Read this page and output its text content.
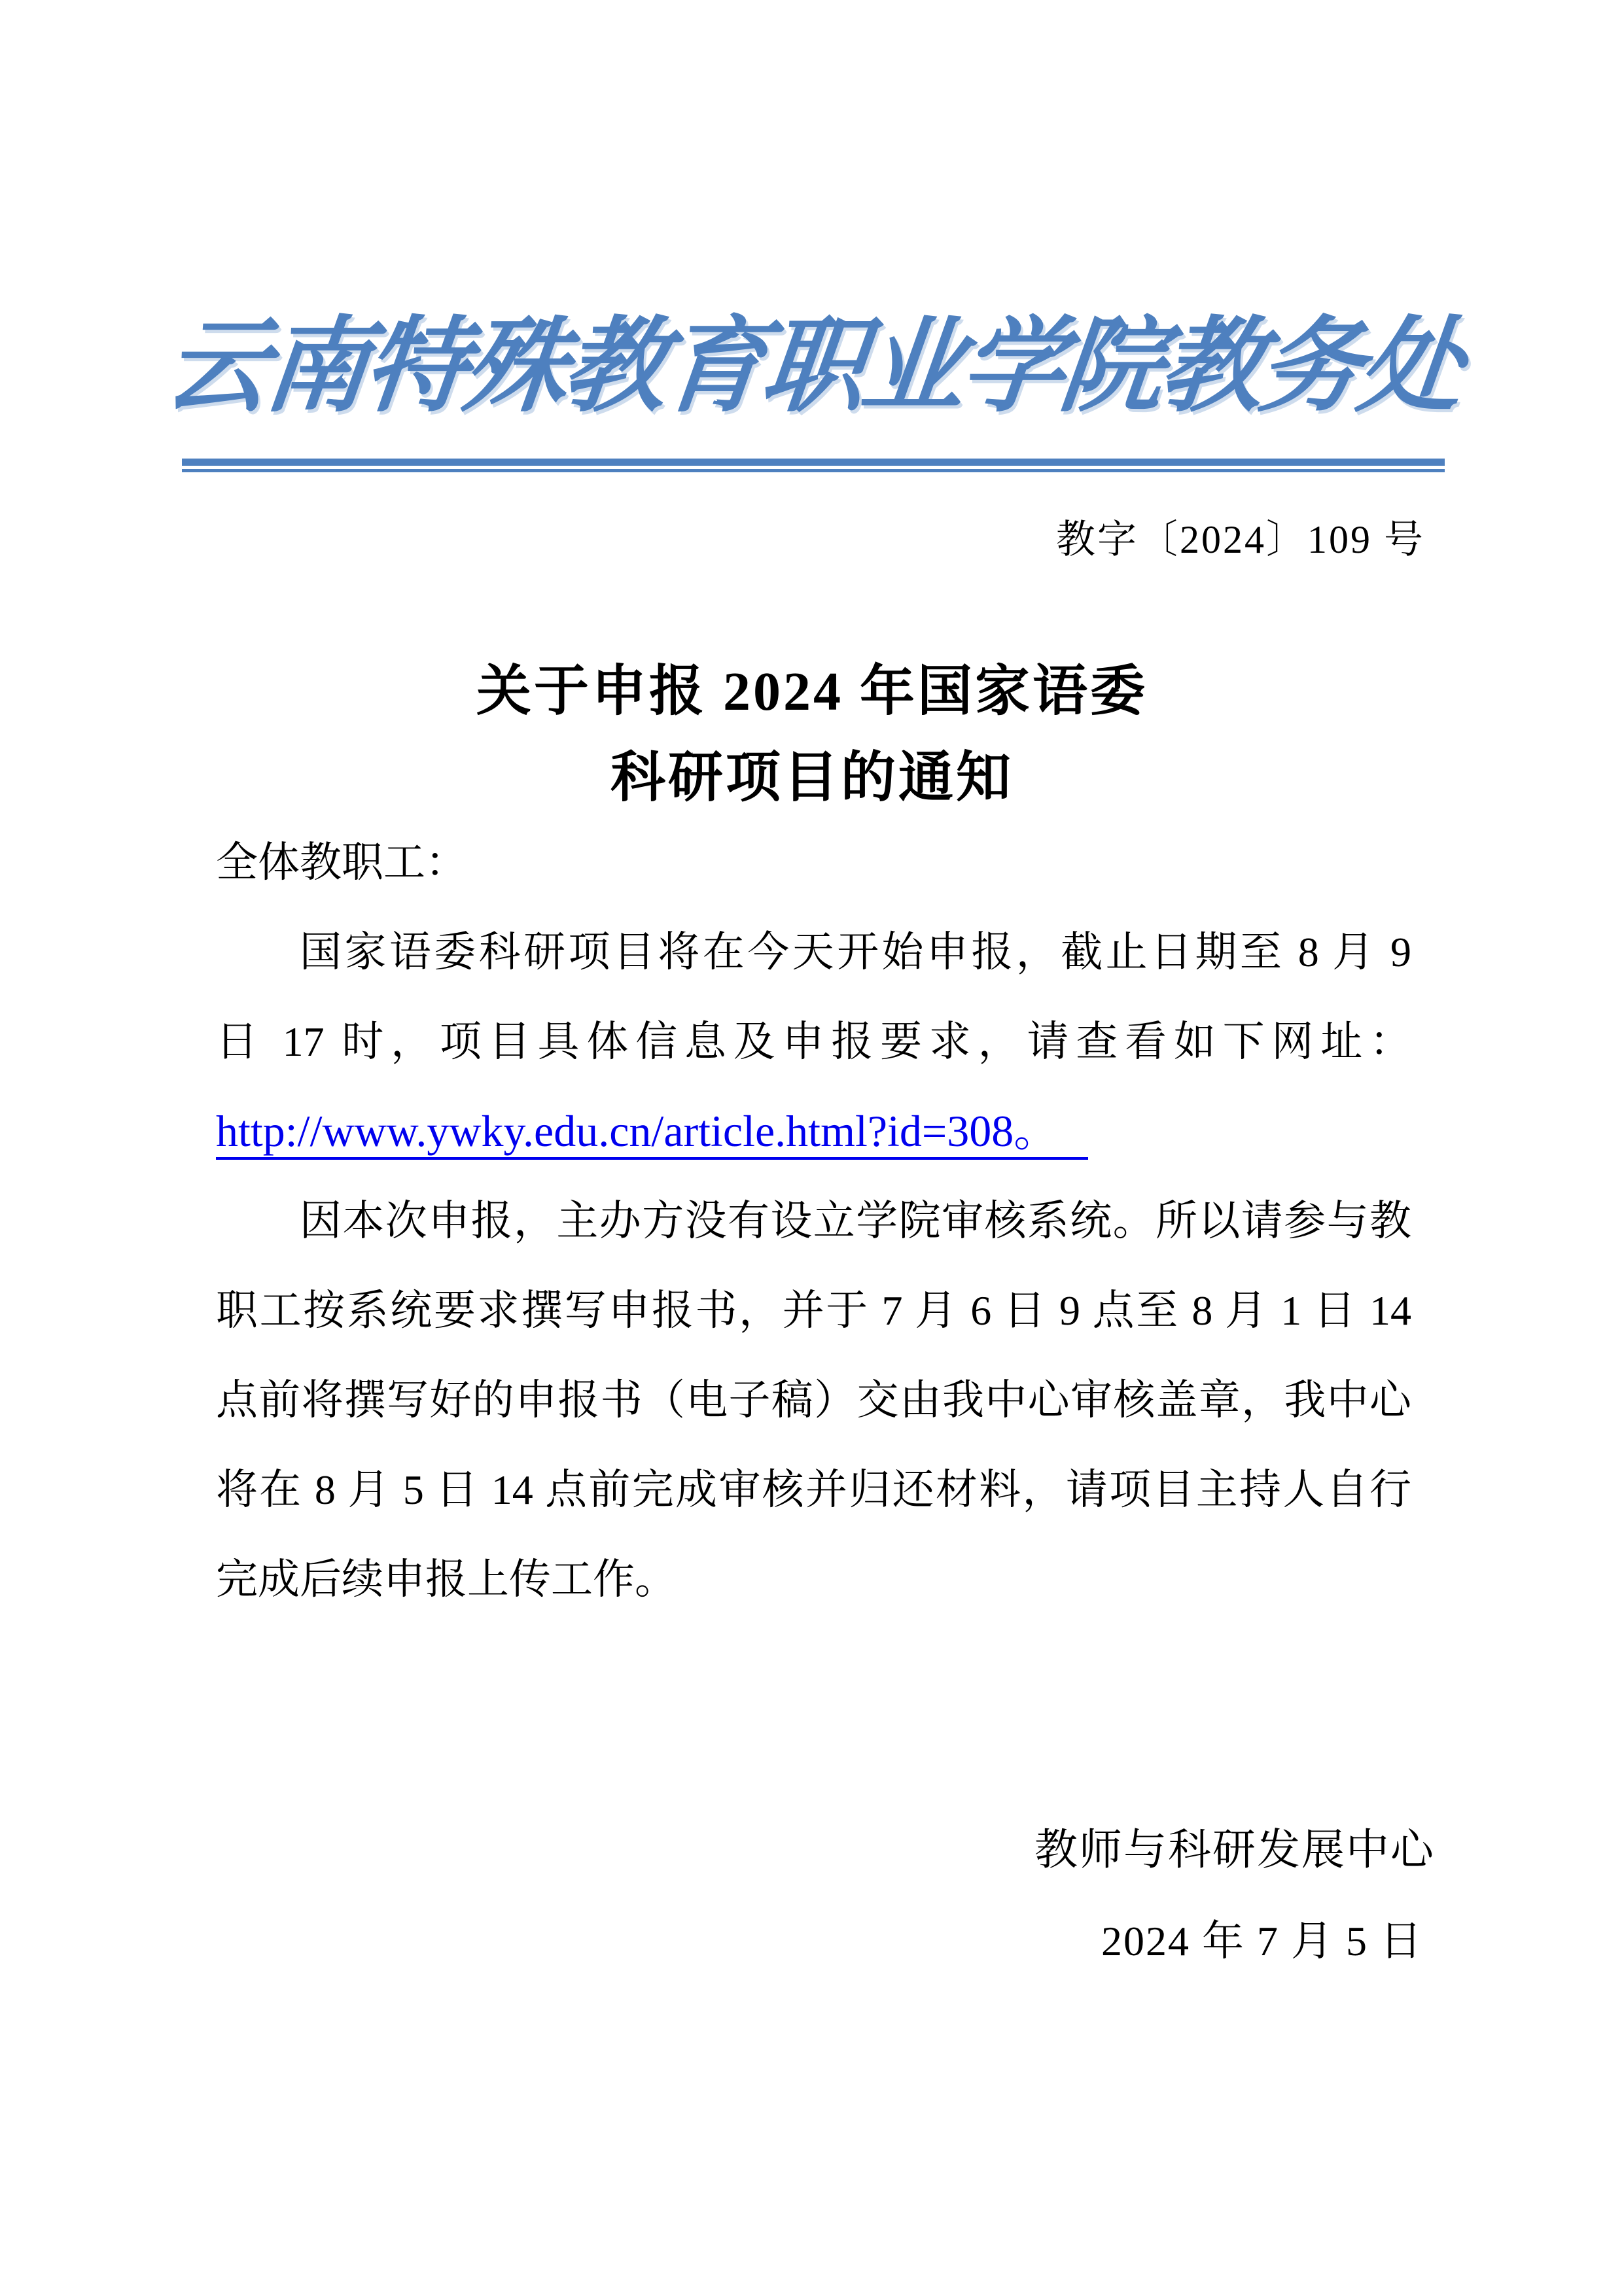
云南特殊教育职业学院教务处
教字〔2024〕109 号
关于申报 2024 年国家语委
科研项目的通知
全体教职工：
国家语委科研项目将在今天开始申报，截止日期至 8 月 9
日 17 时，项目具体信息及申报要求，请查看如下网址：
http://www.ywky.edu.cn/article.html?id=308。
因本次申报，主办方没有设立学院审核系统。所以请参与教
职工按系统要求撰写申报书，并于 7 月 6 日 9 点至 8 月 1 日 14
点前将撰写好的申报书（电子稿）交由我中心审核盖章，我中心
将在 8 月 5 日 14 点前完成审核并归还材料，请项目主持人自行
完成后续申报上传工作。
教师与科研发展中心
2024 年 7 月 5 日
